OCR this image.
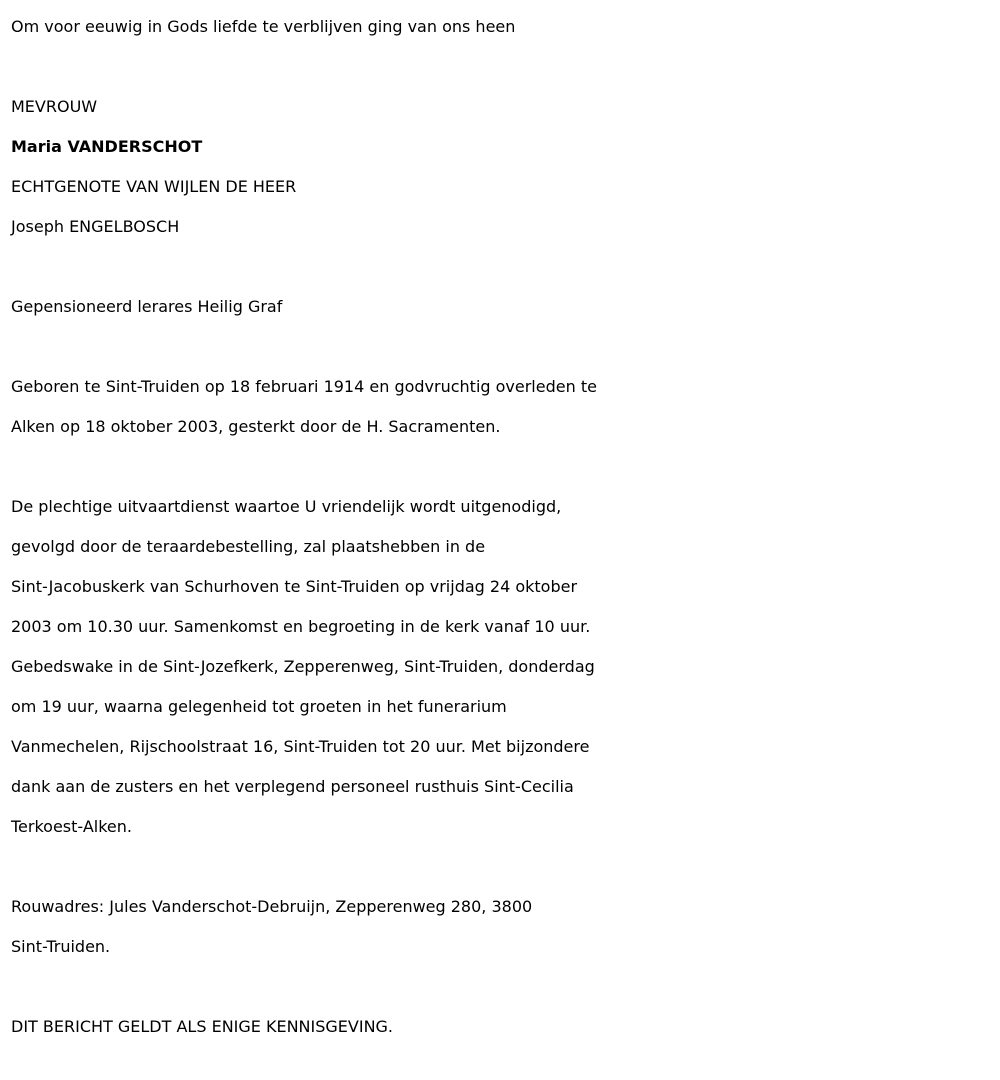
Om voor eeuwig in Gods liefde te verblijven ging van ons heen

MEVROUW

Maria VANDERSCHOT

ECHTGENOTE VAN WIJLEN DE HEER

Joseph ENGELBOSCH

Gepensioneerd lerares Heilig Graf

Geboren te Sint-Truiden op 18 februari 1914 en godvruchtig overleden te

Alken op 18 oktober 2003, gesterkt door de H. Sacramenten.

De plechtige uitvaartdienst waartoe U vriendelijk wordt uitgenodigd,

gevolgd door de teraardebestelling, zal plaatshebben in de

Sint-Jacobuskerk van Schurhoven te Sint-Truiden op vrijdag 24 oktober

2003 om 10.30 uur. Samenkomst en begroeting in de kerk vanaf 10 uur.

Gebedswake in de Sint-Jozefkerk, Zepperenweg, Sint-Truiden, donderdag

om 19 uur, waarna gelegenheid tot groeten in het funerarium

Vanmechelen, Rijschoolstraat 16, Sint-Truiden tot 20 uur. Met bijzondere

dank aan de zusters en het verplegend personeel rusthuis Sint-Cecilia

Terkoest-Alken.

Rouwadres: Jules Vanderschot-Debruijn, Zepperenweg 280, 3800

Sint-Truiden.

DIT BERICHT GELDT ALS ENIGE KENNISGEVING.
